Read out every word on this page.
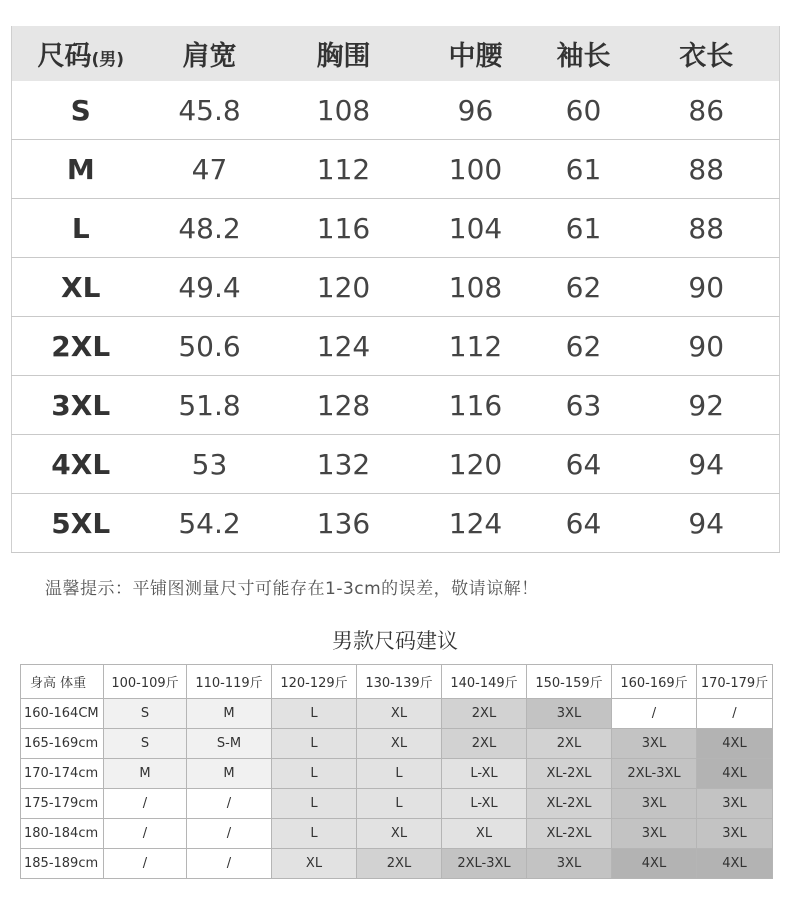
尺码(男)	肩宽	胸围	中腰	袖长	衣长
S	45.8	108	96	60	86
M	47	112	100	61	88
L	48.2	116	104	61	88
XL	49.4	120	108	62	90
2XL	50.6	124	112	62	90
3XL	51.8	128	116	63	92
4XL	53	132	120	64	94
5XL	54.2	136	124	64	94
温馨提示：平铺图测量尺寸可能存在1-3cm的误差，敬请谅解！
男款尺码建议
身高 体重	100-109斤	110-119斤	120-129斤	130-139斤	140-149斤	150-159斤	160-169斤	170-179斤
160-164CM	S	M	L	XL	2XL	3XL	/	/
165-169cm	S	S-M	L	XL	2XL	2XL	3XL	4XL
170-174cm	M	M	L	L	L-XL	XL-2XL	2XL-3XL	4XL
175-179cm	/	/	L	L	L-XL	XL-2XL	3XL	3XL
180-184cm	/	/	L	XL	XL	XL-2XL	3XL	3XL
185-189cm	/	/	XL	2XL	2XL-3XL	3XL	4XL	4XL
